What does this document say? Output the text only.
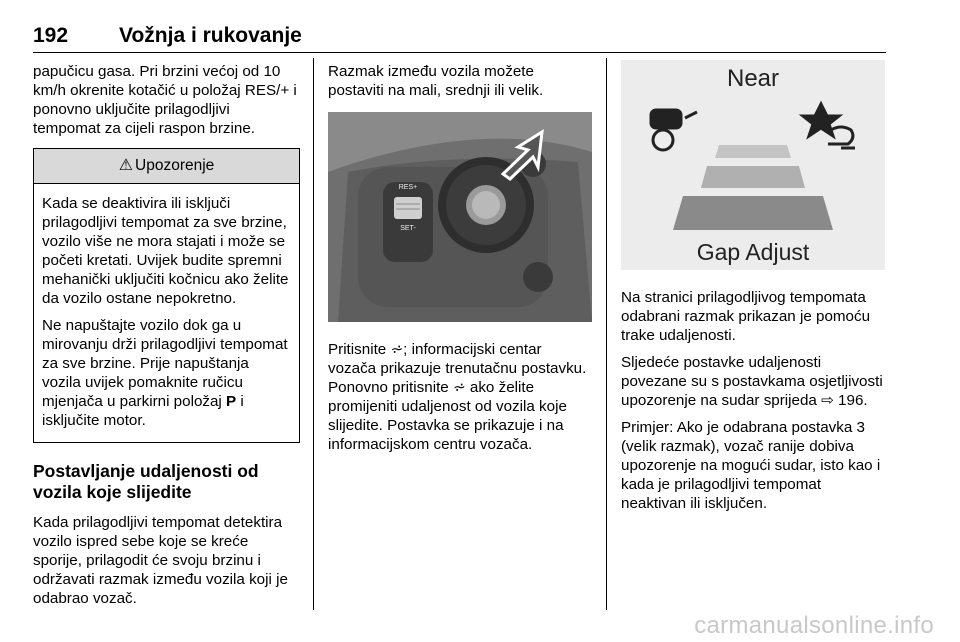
192 Vožnja i rukovanje

papučicu gasa. Pri brzini većoj od 10 km/h okrenite kotačić u položaj RES/+ i ponovno uključite prilagodljivi tempomat za cijeli raspon brzine.

⚠ Upozorenje

Kada se deaktivira ili isključi prilagodljivi tempomat za sve brzine, vozilo više ne mora stajati i može se početi kretati. Uvijek budite spremni mehanički uključiti kočnicu ako želite da vozilo ostane nepokretno.

Ne napuštajte vozilo dok ga u mirovanju drži prilagodljivi tempomat za sve brzine. Prije napuštanja vozila uvijek pomaknite ručicu mjenjača u parkirni položaj P i isključite motor.

Postavljanje udaljenosti od vozila koje slijedite

Kada prilagodljivi tempomat detektira vozilo ispred sebe koje se kreće sporije, prilagodit će svoju brzinu i održavati razmak između vozila koji je odabrao vozač.

Razmak između vozila možete postaviti na mali, srednji ili velik.

RES+
SET-

Pritisnite ⩫; informacijski centar vozača prikazuje trenutačnu postavku. Ponovno pritisnite ⩫ ako želite promijeniti udaljenost od vozila koje slijedite. Postavka se prikazuje i na informacijskom centru vozača.

Near
Gap Adjust

Na stranici prilagodljivog tempomata odabrani razmak prikazan je pomoću trake udaljenosti.

Sljedeće postavke udaljenosti povezane su s postavkama osjetljivosti upozorenje na sudar sprijeda ⇨ 196.

Primjer: Ako je odabrana postavka 3 (velik razmak), vozač ranije dobiva upozorenje na mogući sudar, isto kao i kada je prilagodljivi tempomat neaktivan ili isključen.

carmanualsonline.info
